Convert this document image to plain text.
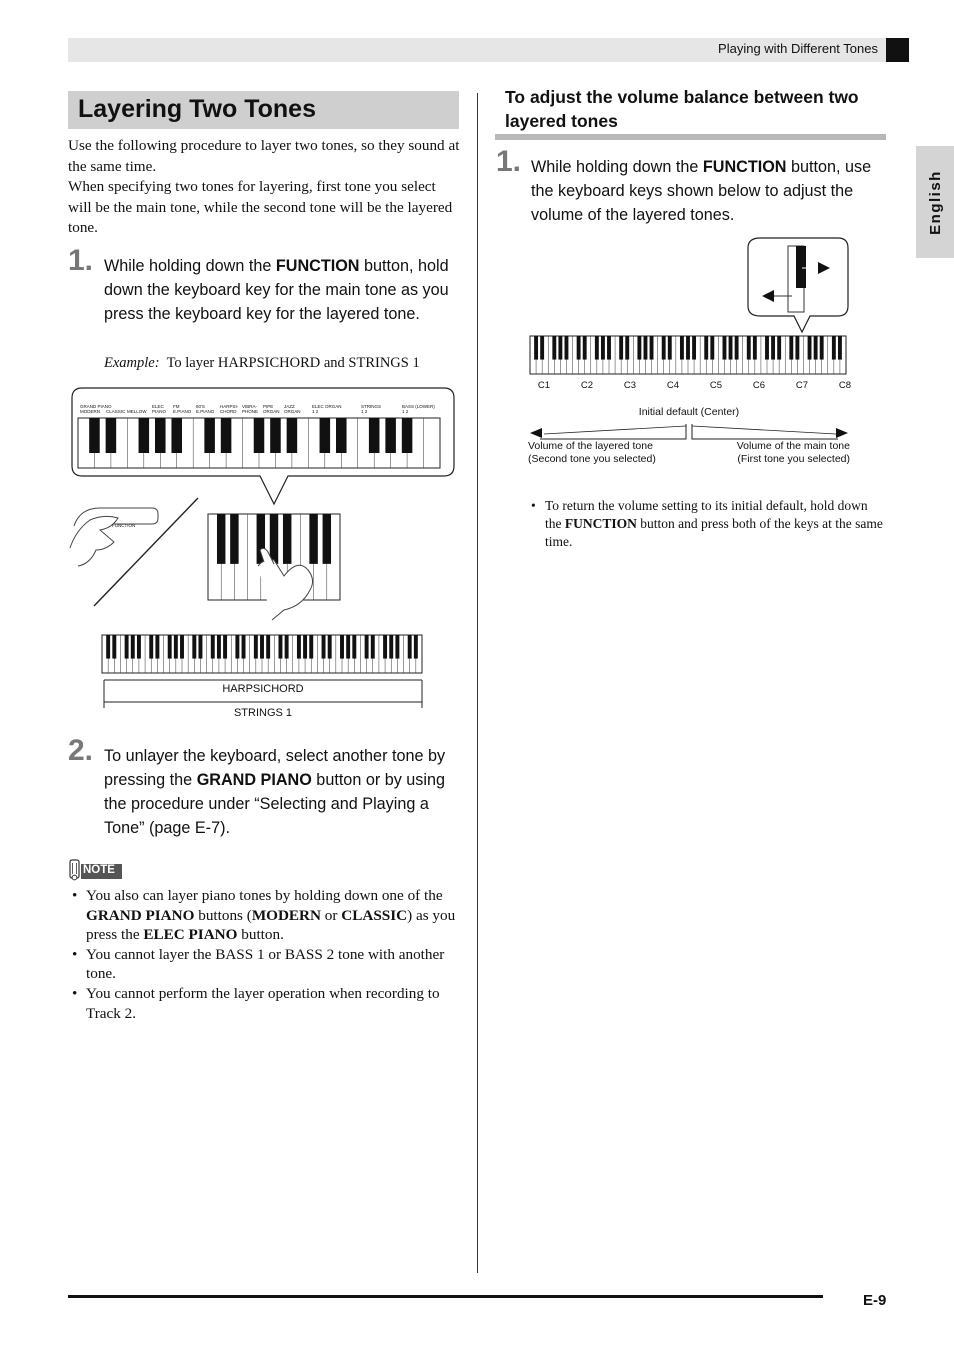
Playing with Different Tones
English
Layering Two Tones
Use the following procedure to layer two tones, so they sound at the same time.
When specifying two tones for layering, first tone you select will be the main tone, while the second tone will be the layered tone.
1. While holding down the FUNCTION button, hold down the keyboard key for the main tone as you press the keyboard key for the layered tone.
Example: To layer HARPSICHORD and STRINGS 1
GRAND PIANO
MODERN CLASSIC MELLOW
ELEC
PIANO
FM
E.PIANO
60'S
E.PIANO
HARPSI-
CHORD
VIBRA-
PHONE
PIPE
ORGAN
JAZZ
ORGAN
ELEC ORGAN
1 2
STRINGS
1 2
BASS (LOWER)
1 2
FUNCTION
HARPSICHORD
STRINGS 1
2. To unlayer the keyboard, select another tone by pressing the GRAND PIANO button or by using the procedure under “Selecting and Playing a Tone” (page E-7).
NOTE
• You also can layer piano tones by holding down one of the GRAND PIANO buttons (MODERN or CLASSIC) as you press the ELEC PIANO button.
• You cannot layer the BASS 1 or BASS 2 tone with another tone.
• You cannot perform the layer operation when recording to Track 2.
To adjust the volume balance between two layered tones
1. While holding down the FUNCTION button, use the keyboard keys shown below to adjust the volume of the layered tones.
C1	C2	C3	C4	C5	C6	C7	C8
Initial default (Center)
Volume of the layered tone
(Second tone you selected)
Volume of the main tone
(First tone you selected)
• To return the volume setting to its initial default, hold down the FUNCTION button and press both of the keys at the same time.
E-9
